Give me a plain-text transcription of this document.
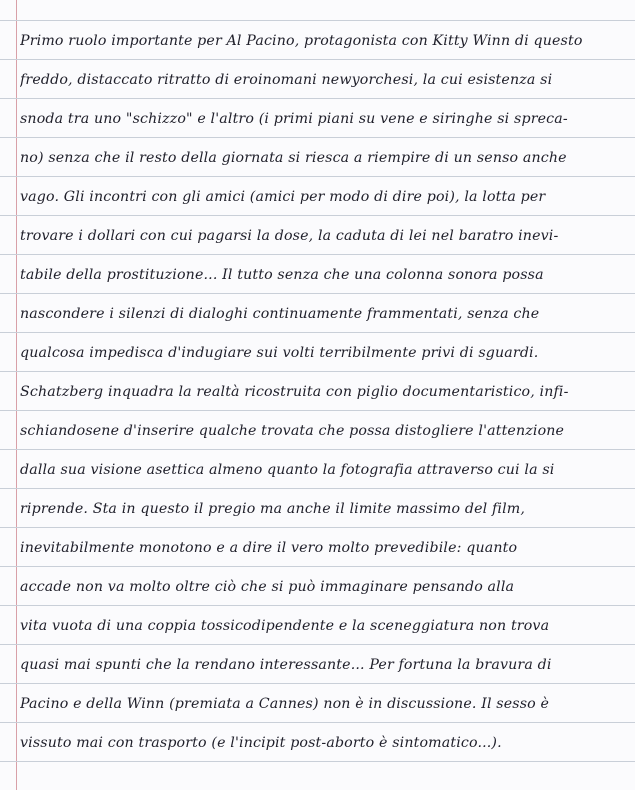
Primo ruolo importante per Al Pacino, protagonista con Kitty Winn di questo
freddo, distaccato ritratto di eroinomani newyorchesi, la cui esistenza si
snoda tra uno "schizzo" e l'altro (i primi piani su vene e siringhe si spreca-
no) senza che il resto della giornata si riesca a riempire di un senso anche
vago. Gli incontri con gli amici (amici per modo di dire poi), la lotta per
trovare i dollari con cui pagarsi la dose, la caduta di lei nel baratro inevi-
tabile della prostituzione... Il tutto senza che una colonna sonora possa
nascondere i silenzi di dialoghi continuamente frammentati, senza che
qualcosa impedisca d'indugiare sui volti terribilmente privi di sguardi.
Schatzberg inquadra la realtà ricostruita con piglio documentaristico, infi-
schiandosene d'inserire qualche trovata che possa distogliere l'attenzione
dalla sua visione asettica almeno quanto la fotografia attraverso cui la si
riprende. Sta in questo il pregio ma anche il limite massimo del film,
inevitabilmente monotono e a dire il vero molto prevedibile: quanto
accade non va molto oltre ciò che si può immaginare pensando alla
vita vuota di una coppia tossicodipendente e la sceneggiatura non trova
quasi mai spunti che la rendano interessante... Per fortuna la bravura di
Pacino e della Winn (premiata a Cannes) non è in discussione. Il sesso è
vissuto mai con trasporto (e l'incipit post-aborto è sintomatico...).
